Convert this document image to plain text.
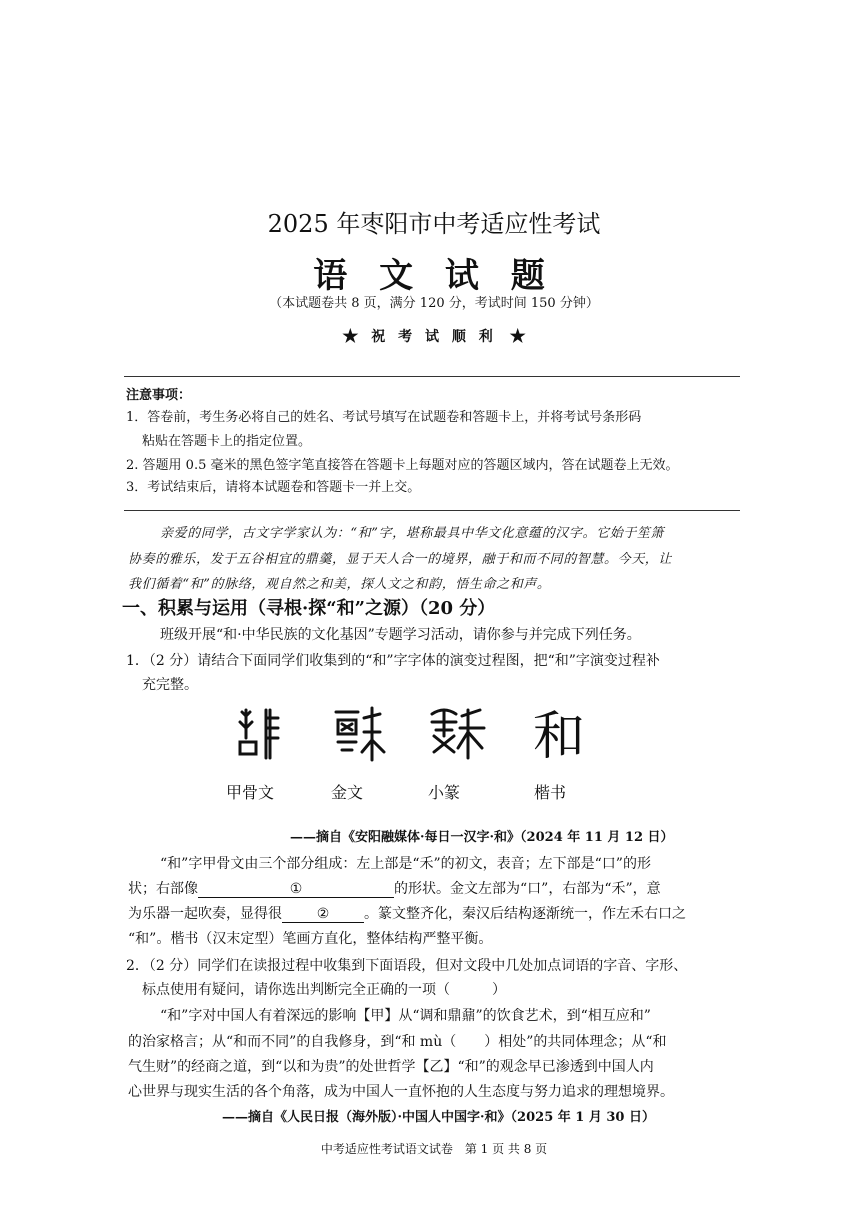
2025 年枣阳市中考适应性考试
语 文 试 题
（本试题卷共 8 页，满分 120 分，考试时间 150 分钟）
★ 祝 考 试 顺 利 ★
注意事项：
1．答卷前，考生务必将自己的姓名、考试号填写在试题卷和答题卡上，并将考试号条形码
粘贴在答题卡上的指定位置。
2. 答题用 0.5 毫米的黑色签字笔直接答在答题卡上每题对应的答题区域内，答在试题卷上无效。
3．考试结束后，请将本试题卷和答题卡一并上交。
亲爱的同学，古文字学家认为：“和”字，堪称最具中华文化意蕴的汉字。它始于笙箫
协奏的雅乐，发于五谷相宜的鼎羹，显于天人合一的境界，融于和而不同的智慧。今天，让
我们循着“和”的脉络，观自然之和美，探人文之和韵，悟生命之和声。
一、积累与运用（寻根·探“和”之源）（20 分）
班级开展“和·中华民族的文化基因”专题学习活动，请你参与并完成下列任务。
1．（2 分）请结合下面同学们收集到的“和”字字体的演变过程图，把“和”字演变过程补
充完整。
和
甲骨文	金文	小篆	楷书
——摘自《安阳融媒体·每日一汉字·和》（2024 年 11 月 12 日）
“和”字甲骨文由三个部分组成：左上部是“禾”的初文，表音；左下部是“口”的形
状；右部像	①	的形状。金文左部为“口”，右部为“禾”，意
为乐器一起吹奏，显得很 ② 。篆文整齐化，秦汉后结构逐渐统一，作左禾右口之
“和”。楷书（汉末定型）笔画方直化，整体结构严整平衡。
2．（2 分）同学们在读报过程中收集到下面语段，但对文段中几处加点词语的字音、字形、
标点使用有疑问，请你选出判断完全正确的一项（　　　）
“和”字对中国人有着深远的影响【甲】从“调和鼎鼐”的饮食艺术，到“相互应和”
的治家格言；从“和而不同”的自我修身，到“和 mù（　　）相处”的共同体理念；从“和
气生财”的经商之道，到“以和为贵”的处世哲学【乙】“和”的观念早已渗透到中国人内
心世界与现实生活的各个角落，成为中国人一直怀抱的人生态度与努力追求的理想境界。
——摘自《人民日报（海外版）·中国人中国字·和》（2025 年 1 月 30 日）
中考适应性考试语文试卷　第 1 页 共 8 页
